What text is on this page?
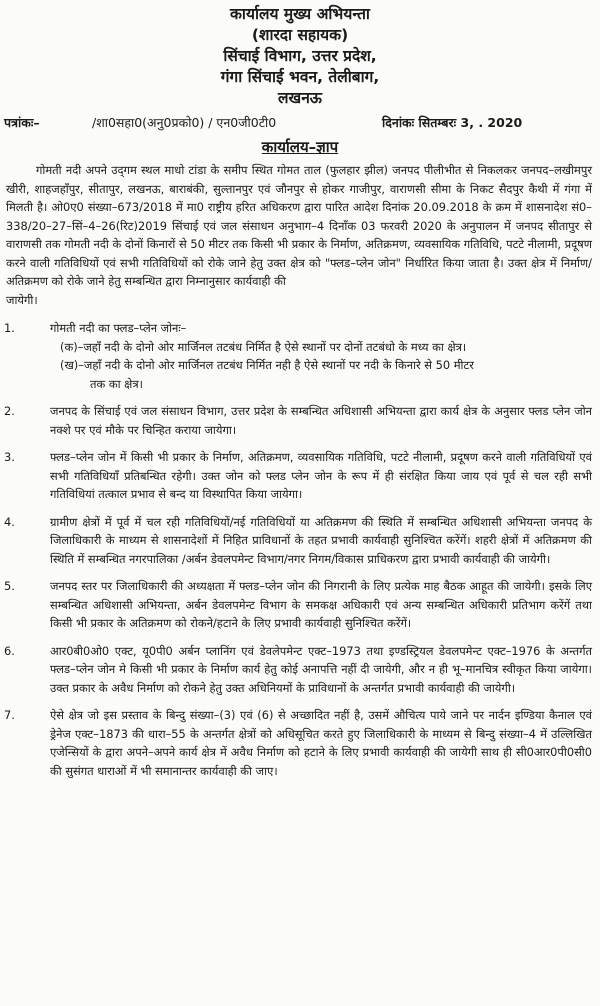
कार्यालय मुख्य अभियन्ता
(शारदा सहायक)
सिंचाई विभाग, उत्तर प्रदेश,
गंगा सिंचाई भवन, तेलीबाग,
लखनऊ
पत्रांकः–	/शा0सहा0(अनु0प्रको0) / एन0जी0टी0	दिनांकः सितम्बरः 3, . 2020
कार्यालय–ज्ञाप

गोमती नदी अपने उद्‌गम स्थल माधो टांडा के समीप स्थित गोमत ताल (फुलहार झील) जनपद पीलीभीत से निकलकर जनपद–लखीमपुर खीरी, शाहजहाँपुर, सीतापुर, लखनऊ, बाराबंकी, सुल्तानपुर एवं जौनपुर से होकर गाजीपुर, वाराणसी सीमा के निकट सैदपुर कैथी में गंगा में मिलती है। ओ0ए0 संख्या–673/2018 में मा0 राष्ट्रीय हरित अधिकरण द्वारा पारित आदेश दिनांक 20.09.2018 के क्रम में शासनादेश सं0–338/20–27–सिं–4–26(रिट)2019 सिंचाई एवं जल संसाधन अनुभाग–4 दिनाँक 03 फरवरी 2020 के अनुपालन में जनपद सीतापुर से वाराणसी तक गोमती नदी के दोनों किनारों से 50 मीटर तक किसी भी प्रकार के निर्माण, अतिक्रमण, व्यवसायिक गतिविधि, पटटे नीलामी, प्रदूषण करने वाली गतिविधियों एवं सभी गतिविधियों को रोके जाने हेतु उक्त क्षेत्र को "फ्लड–प्लेन जोन" निर्धारित किया जाता है। उक्त क्षेत्र में निर्माण/अतिक्रमण को रोके जाने हेतु सम्बन्धित द्वारा निम्नानुसार कार्यवाही की

जायेगी।
1.	गोमती नदी का फ्लड–प्लेन जोनः–
(क)–जहाँ नदी के दोनो ओर मार्जिनल तटबंध निर्मित है ऐसे स्थानों पर दोनों तटबंधो के मध्य का क्षेत्र।
(ख)–जहाँ नदी के दोनो ओर मार्जिनल तटबंध निर्मित नही है ऐसे स्थानों पर नदी के किनारे से 50 मीटर
तक का क्षेत्र।
2.	जनपद के सिंचाई एवं जल संसाधन विभाग, उत्तर प्रदेश के सम्बन्धित अधिशासी अभियन्ता द्वारा कार्य क्षेत्र के अनुसार फ्लड प्लेन जोन नक्शे पर एवं मौके पर चिन्हित कराया जायेगा।
3.	फ्लड–प्लेन जोन में किसी भी प्रकार के निर्माण, अतिक्रमण, व्यवसायिक गतिविधि, पटटे नीलामी, प्रदूषण करने वाली गतिविधियों एवं सभी गतिविधियाँ प्रतिबन्धित रहेगी। उक्त जोन को फ्लड प्लेन जोन के रूप में ही संरक्षित किया जाय एवं पूर्व से चल रही सभी गतिविधियां तत्काल प्रभाव से बन्द या विस्थापित किया जायेगा।
4.	ग्रामीण क्षेत्रों में पूर्व में चल रही गतिविधियों/नई गतिविधियों या अतिक्रमण की स्थिति में सम्बन्धित अधिशासी अभियन्ता जनपद के जिलाधिकारी के माध्यम से शासनादेशों में निहित प्राविधानों के तहत प्रभावी कार्यवाही सुनिश्चित करेंगें। शहरी क्षेत्रों में अतिक्रमण की स्थिति में सम्बन्धित नगरपालिका /अर्बन डेवलपमेन्ट विभाग/नगर निगम/विकास प्राधिकरण द्वारा प्रभावी कार्यवाही की जायेगी।
5.	जनपद स्तर पर जिलाधिकारी की अध्यक्षता में फ्लड–प्लेन जोन की निगरानी के लिए प्रत्येक माह बैठक आहूत की जायेगी। इसके लिए सम्बन्धित अधिशासी अभियन्ता, अर्बन डेवलपमेन्ट विभाग के समकक्ष अधिकारी एवं अन्य सम्बन्धित अधिकारी प्रतिभाग करेंगें तथा किसी भी प्रकार के अतिक्रमण को रोकने/हटाने के लिए प्रभावी कार्यवाही सुनिश्चित करेंगें।
6.	आर0बी0ओ0 एक्ट, यू0पी0 अर्बन प्लानिंग एवं डेवलेपमेन्ट एक्ट–1973 तथा इण्डस्ट्रियल डेवलपमेन्ट एक्ट–1976 के अन्तर्गत फ्लड–प्लेन जोन मे किसी भी प्रकार के निर्माण कार्य हेतु कोई अनापत्ति नहीं दी जायेगी, और न ही भू–मानचित्र स्वीकृत किया जायेगा। उक्त प्रकार के अवैध निर्माण को रोकने हेतु उक्त अधिनियमों के प्राविधानों के अन्तर्गत प्रभावी कार्यवाही की जायेगी।
7.	ऐसे क्षेत्र जो इस प्रस्ताव के बिन्दु संख्या–(3) एवं (6) से अच्छादित नहीं है, उसमें औचित्य पाये जाने पर नार्दन इण्डिया कैनाल एवं ड्रेनेज एक्ट–1873 की धारा–55 के अन्तर्गत क्षेत्रों को अधिसूचित करते हुए जिलाधिकारी के माध्यम से बिन्दु संख्या–4 में उल्लिखित एजेन्सियों के द्वारा अपने–अपने कार्य क्षेत्र में अवैध निर्माण को हटाने के लिए प्रभावी कार्यवाही की जायेगी साथ ही सी0आर0पी0सी0 की सुसंगत धाराओं में भी समानान्तर कार्यवाही की जाए।
